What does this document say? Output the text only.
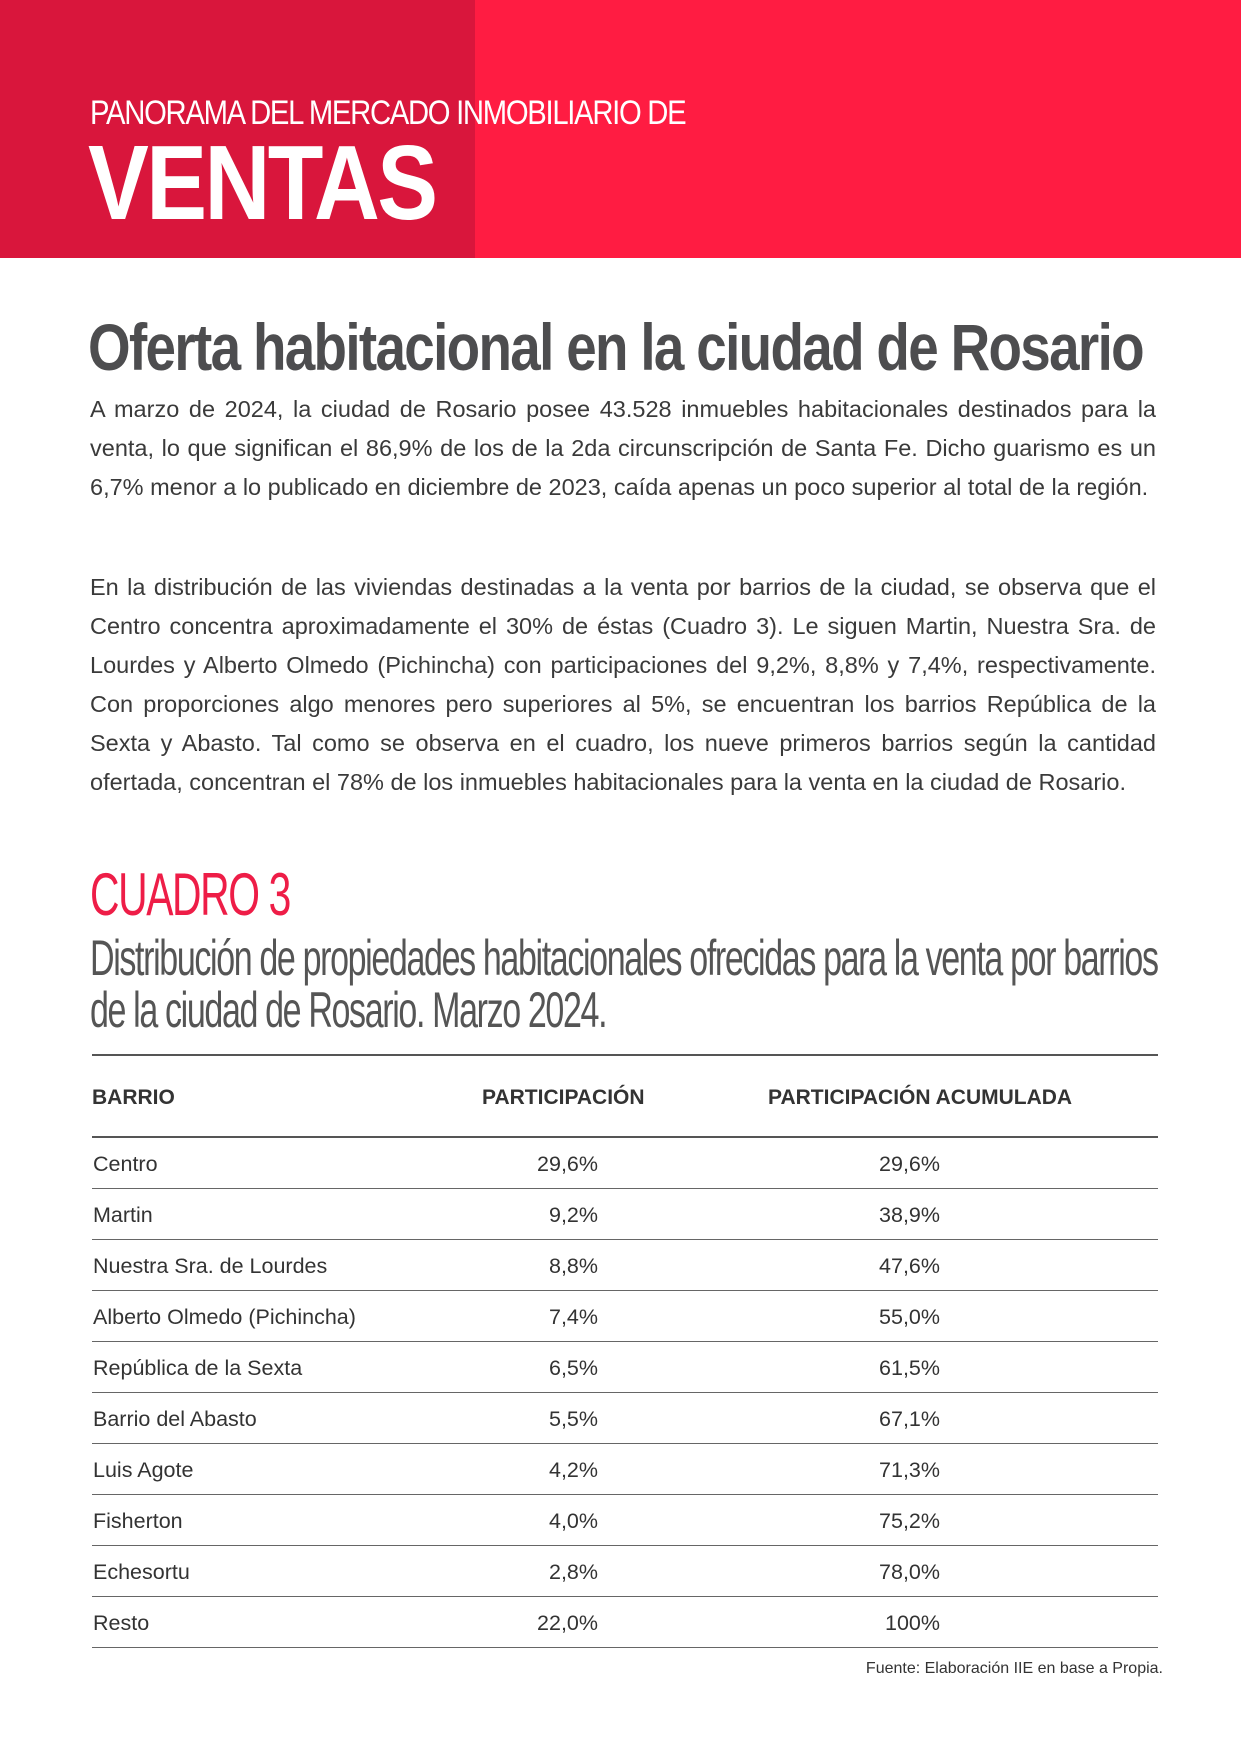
PANORAMA DEL MERCADO INMOBILIARIO DE
VENTAS
Oferta habitacional en la ciudad de Rosario

A marzo de 2024, la ciudad de Rosario posee 43.528 inmuebles habitacionales destinados para la venta, lo que significan el 86,9% de los de la 2da circunscripción de Santa Fe. Dicho guarismo es un 6,7% menor a lo publicado en diciembre de 2023, caída apenas un poco superior al total de la región.

En la distribución de las viviendas destinadas a la venta por barrios de la ciudad, se observa que el Centro concentra aproximadamente el 30% de éstas (Cuadro 3). Le siguen Martin, Nuestra Sra. de Lourdes y Alberto Olmedo (Pichincha) con participaciones del 9,2%, 8,8% y 7,4%, respectivamente. Con proporciones algo menores pero superiores al 5%, se encuentran los barrios República de la Sexta y Abasto. Tal como se observa en el cuadro, los nueve primeros barrios según la cantidad ofertada, concentran el 78% de los inmuebles habitacionales para la venta en la ciudad de Rosario.

CUADRO 3
Distribución de propiedades habitacionales ofrecidas para la venta por barrios
de la ciudad de Rosario. Marzo 2024.
BARRIO	PARTICIPACIÓN	PARTICIPACIÓN ACUMULADA
Centro	29,6%	29,6%
Martin	9,2%	38,9%
Nuestra Sra. de Lourdes	8,8%	47,6%
Alberto Olmedo (Pichincha)	7,4%	55,0%
República de la Sexta	6,5%	61,5%
Barrio del Abasto	5,5%	67,1%
Luis Agote	4,2%	71,3%
Fisherton	4,0%	75,2%
Echesortu	2,8%	78,0%
Resto	22,0%	100%
Fuente: Elaboración IIE en base a Propia.
